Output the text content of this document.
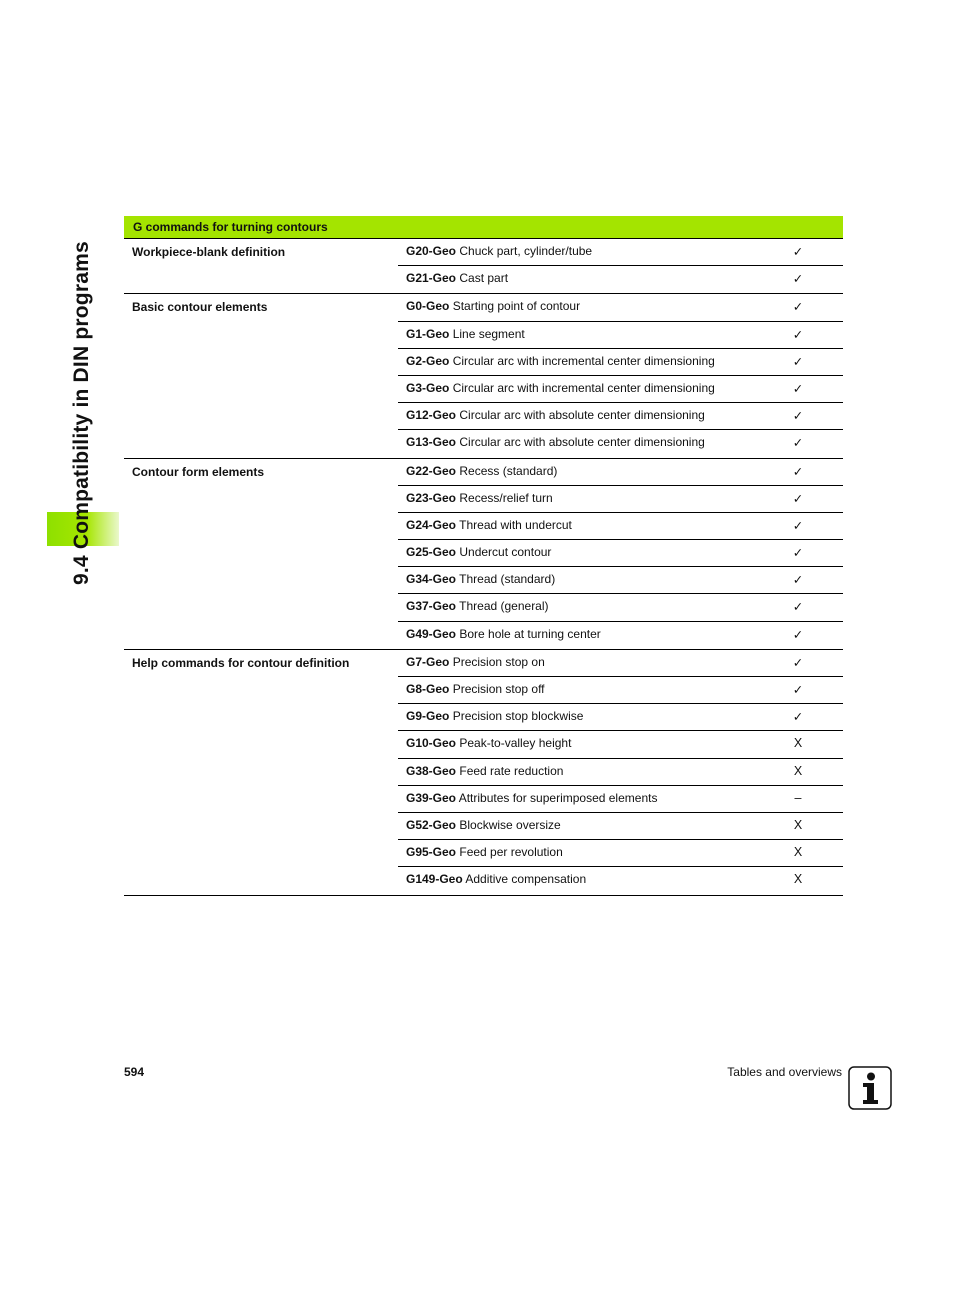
9.4 Compatibility in DIN programs
G commands for turning contours
Workpiece-blank definition	G20-Geo Chuck part, cylinder/tube	✓
G21-Geo Cast part	✓
Basic contour elements	G0-Geo Starting point of contour	✓
G1-Geo Line segment	✓
G2-Geo Circular arc with incremental center dimensioning	✓
G3-Geo Circular arc with incremental center dimensioning	✓
G12-Geo Circular arc with absolute center dimensioning	✓
G13-Geo Circular arc with absolute center dimensioning	✓
Contour form elements	G22-Geo Recess (standard)	✓
G23-Geo Recess/relief turn	✓
G24-Geo Thread with undercut	✓
G25-Geo Undercut contour	✓
G34-Geo Thread (standard)	✓
G37-Geo Thread (general)	✓
G49-Geo Bore hole at turning center	✓
Help commands for contour definition	G7-Geo Precision stop on	✓
G8-Geo Precision stop off	✓
G9-Geo Precision stop blockwise	✓
G10-Geo Peak-to-valley height	X
G38-Geo Feed rate reduction	X
G39-Geo Attributes for superimposed elements	–
G52-Geo Blockwise oversize	X
G95-Geo Feed per revolution	X
G149-Geo Additive compensation	X
594	Tables and overviews
